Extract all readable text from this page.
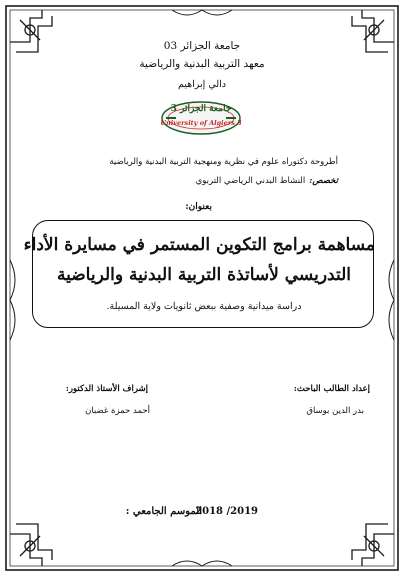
جامعة الجزائر 03
معهد التربية البدنية والرياضية
دالي إبراهيم
جامعة الجزائر 3
University of Algiers 3
أطروحة دكتوراه علوم في نظرية ومنهجية التربية البدنية والرياضية
تخصص:النشاط البدني الرياضي التربوي
بعنوان:
مساهمة برامج التكوين المستمر في مسايرة الأداء
التدريسي لأساتذة التربية البدنية والرياضية
دراسة ميدانية وصفية ببعض ثانويات ولاية المسيلة.
إعداد الطالب الباحث:
بدر الدين بوساق
إشراف الأستاذ الدكتور:
أحمد حمزة غضبان
الموسم الجامعي :
2018 /2019
